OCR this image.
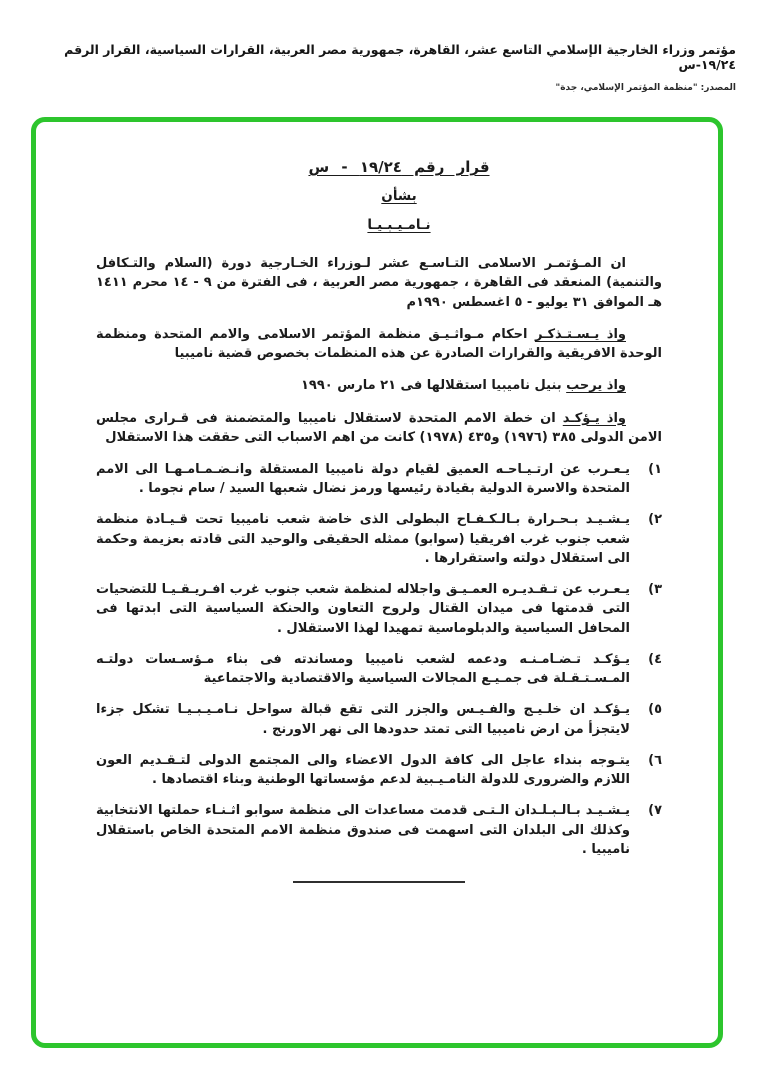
مؤتمر وزراء الخارجية الإسلامي التاسع عشر، القاهرة، جمهورية مصر العربية، القرارات السياسية، القرار الرقم ١٩/٢٤-س
المصدر: "منظمة المؤتمر الإسلامي، جدة"
قرار رقم ١٩/٢٤ - س
بشأن
نـامـيـبـيـا

ان المـؤتمـر الاسلامى التـاسـع عشر لـوزراء الخـارجية دورة (السلام والتـكافل والتنمية) المنعقد فى القاهرة ، جمهورية مصر العربية ، فى الفترة من ٩ - ١٤ محرم ١٤١١ هـ الموافق ٣١ يوليو - ٥ اغسطس ١٩٩٠م

واذ يـسـتـذكـر احكام مـواثـيـق منظمة المؤتمر الاسلامى والامم المتحدة ومنظمة الوحدة الافريقية والقرارات الصادرة عن هذه المنظمات بخصوص قضية ناميبيا

واذ يرحب بنيل ناميبيا استقلالها فى ٢١ مارس ١٩٩٠

واذ يـؤكـد ان خطة الامم المتحدة لاستقلال ناميبيا والمتضمنة فى قـرارى مجلس الامن الدولى ٣٨٥ (١٩٧٦) و٤٣٥ (١٩٧٨) كانت من اهم الاسباب التى حققت هذا الاستقلال

١)
يـعـرب عن ارتـيـاحـه العميق لقيام دولة ناميبيا المستقلة وانـضـمـامـهـا الى الامم المتحدة والاسرة الدولية بقيادة رئيسها ورمز نضال شعبها السيد / سام نجوما .
٢)
يـشـيـد بـحـرارة بـالـكـفـاح البطولى الذى خاضة شعب ناميبيا تحت قـيـادة منظمة شعب جنوب غرب افريقيا (سوابو) ممثله الحقيقى والوحيد التى قادته بعزيمة وحكمة الى استقلال دولته واستقرارها .
٣)
يـعـرب عن تـقـديـره العمـيـق واجلاله لمنظمة شعب جنوب غرب افـريـقـيـا للتضحيات التى قدمتها فى ميدان القتال ولروح التعاون والحنكة السياسية التى ابدتها فى المحافل السياسية والدبلوماسية تمهيدا لهذا الاستقلال .
٤)
يـؤكـد تـضـامـنـه ودعمه لشعب ناميبيا ومساندته فى بناء مـؤسـسات دولتـه المـسـتـقـلة فى جمـيـع المجالات السياسية والاقتصادية والاجتماعية
٥)
يـؤكـد ان خلـيـج والفـيـس والجزر التى تقع قبالة سواحل نـامـيـبـيـا تشكل جزءا لايتجزأ من ارض ناميبيا التى تمتد حدودها الى نهر الاورنج .
٦)
يتـوجه بنداء عاجل الى كافة الدول الاعضاء والى المجتمع الدولى لتـقـديم العون اللازم والضرورى للدولة النامـيـبية لدعم مؤسساتها الوطنية وبناء اقتصادها .
٧)
يـشـيـد بـالـبـلـدان الـتـى قدمت مساعدات الى منظمة سوابو اثـنـاء حملتها الانتخابية وكذلك الى البلدان التى اسهمت فى صندوق منظمة الامم المتحدة الخاص باستقلال ناميبيا .
